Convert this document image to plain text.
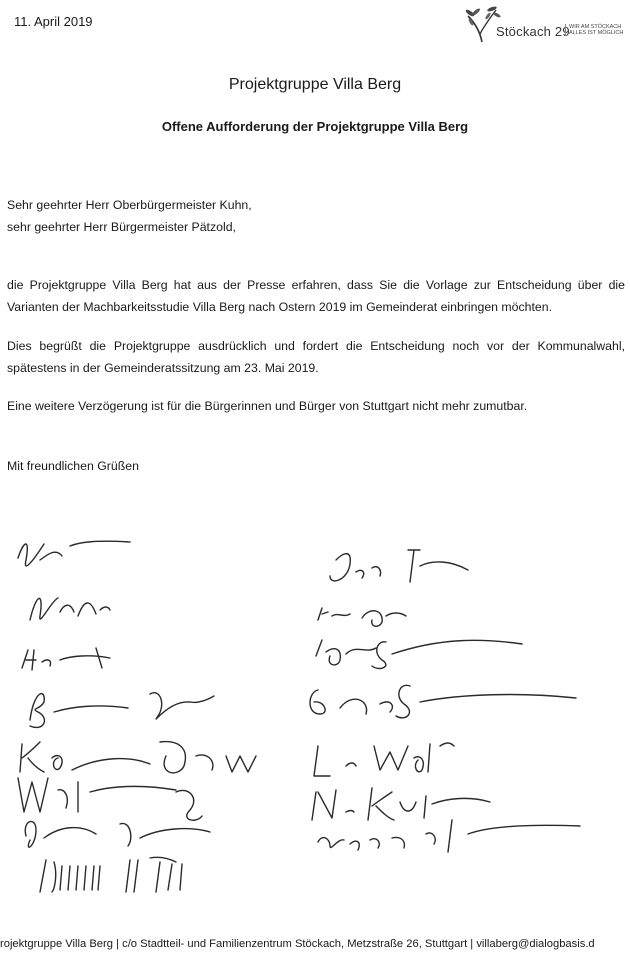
11. April 2019
Stöckach 29 WIR AM STÖCKACH
ALLES IST MÖGLICH
Projektgruppe Villa Berg
Offene Aufforderung der Projektgruppe Villa Berg

Sehr geehrter Herr Oberbürgermeister Kuhn,

sehr geehrter Herr Bürgermeister Pätzold,

die Projektgruppe Villa Berg hat aus der Presse erfahren, dass Sie die Vorlage zur Entscheidung über die Varianten der Machbarkeitsstudie Villa Berg nach Ostern 2019 im Gemeinderat einbringen möchten.

Dies begrüßt die Projektgruppe ausdrücklich und fordert die Entscheidung noch vor der Kommunalwahl, spätestens in der Gemeinderatssitzung am 23. Mai 2019.

Eine weitere Verzögerung ist für die Bürgerinnen und Bürger von Stuttgart nicht mehr zumutbar.

Mit freundlichen Grüßen

rojektgruppe Villa Berg | c/o Stadtteil- und Familienzentrum Stöckach, Metzstraße 26, Stuttgart | villaberg@dialogbasis.d
